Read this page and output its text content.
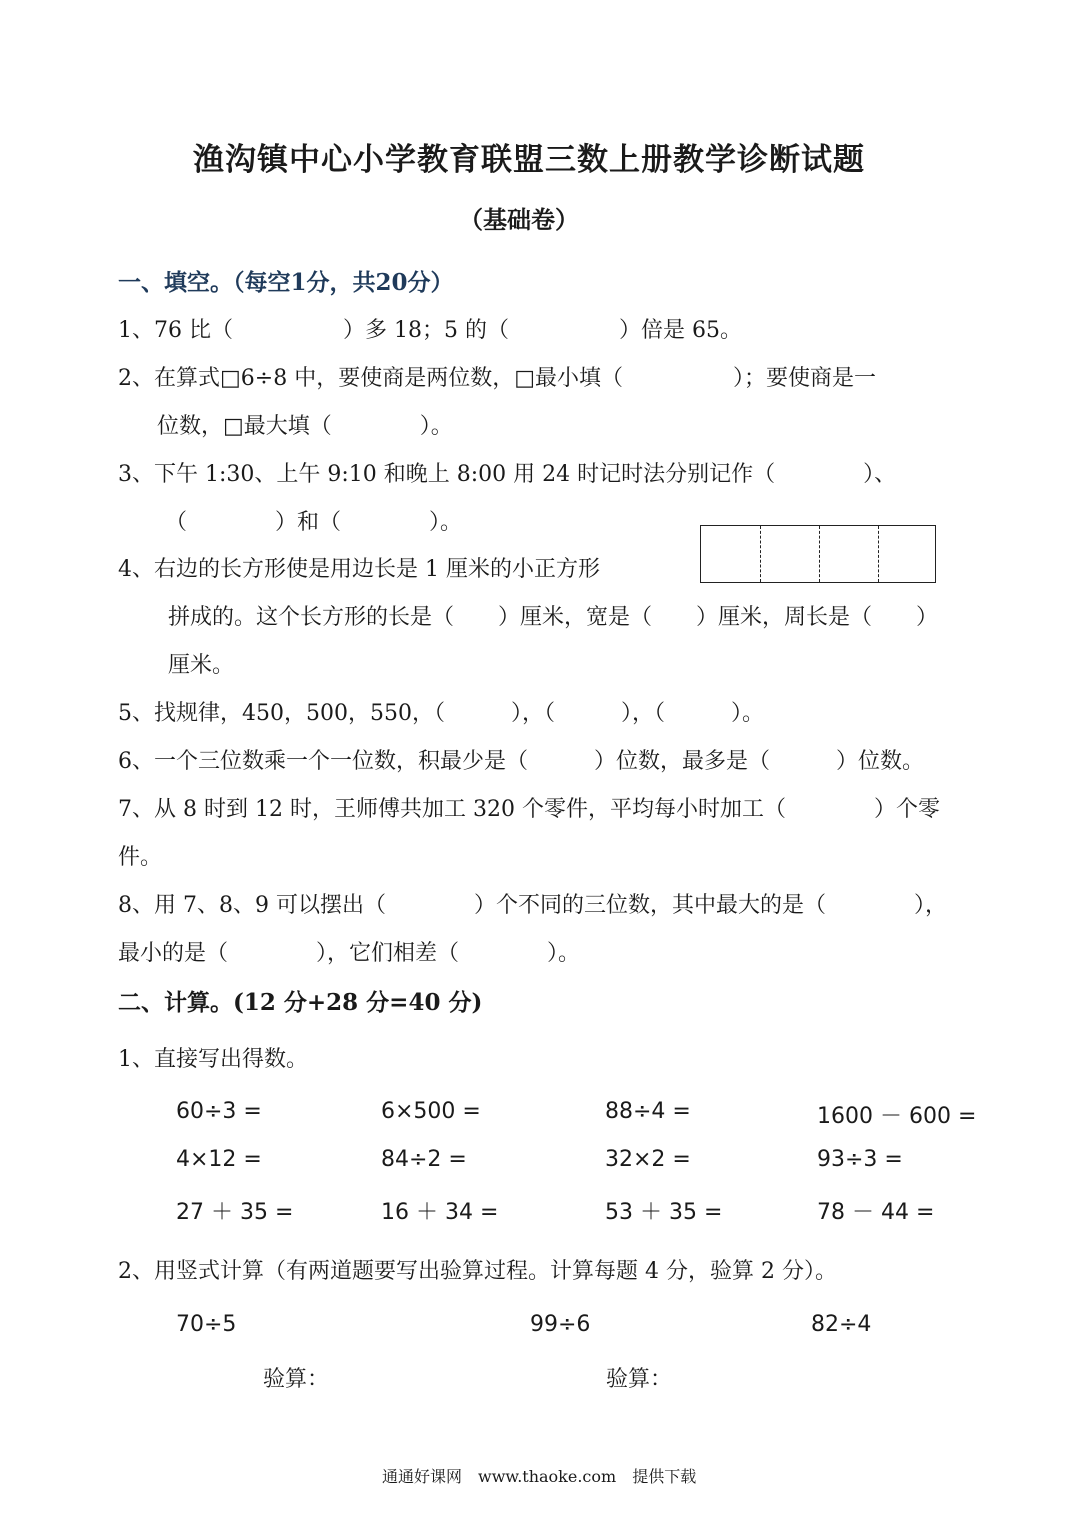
渔沟镇中心小学教育联盟三数上册教学诊断试题
（基础卷）
一、填空。（每空1分，共20分）
1、76 比（　　　　　）多 18；5 的（　　　　　）倍是 65。
2、在算式□6÷8 中，要使商是两位数，□最小填（　　　　　）；要使商是一
位数，□最大填（　　　　）。
3、下午 1:30、上午 9:10 和晚上 8:00 用 24 时记时法分别记作（　　　　）、
（　　　　）和（　　　　）。
4、右边的长方形使是用边长是 1 厘米的小正方形
拼成的。这个长方形的长是（　　）厘米，宽是（　　）厘米，周长是（　　）
厘米。
5、找规律，450，500，550，（　　　），（　　　），（　　　）。
6、一个三位数乘一个一位数，积最少是（　　　）位数，最多是（　　　）位数。
7、从 8 时到 12 时，王师傅共加工 320 个零件，平均每小时加工（　　　　）个零
件。
8、用 7、8、9 可以摆出（　　　　）个不同的三位数，其中最大的是（　　　　），
最小的是（　　　　），它们相差（　　　　）。
二、计算。(12 分+28 分=40 分)
1、直接写出得数。
60÷3 =	6×500 =	88÷4 =	1600 － 600 =
4×12 =	84÷2 =	32×2 =	93÷3 =
27 ＋ 35 =	16 ＋ 34 =	53 ＋ 35 =	78 － 44 =
2、用竖式计算（有两道题要写出验算过程。计算每题 4 分，验算 2 分）。
70÷5	99÷6	82÷4
验算：	验算：
通通好课网　www.thaoke.com　提供下载
